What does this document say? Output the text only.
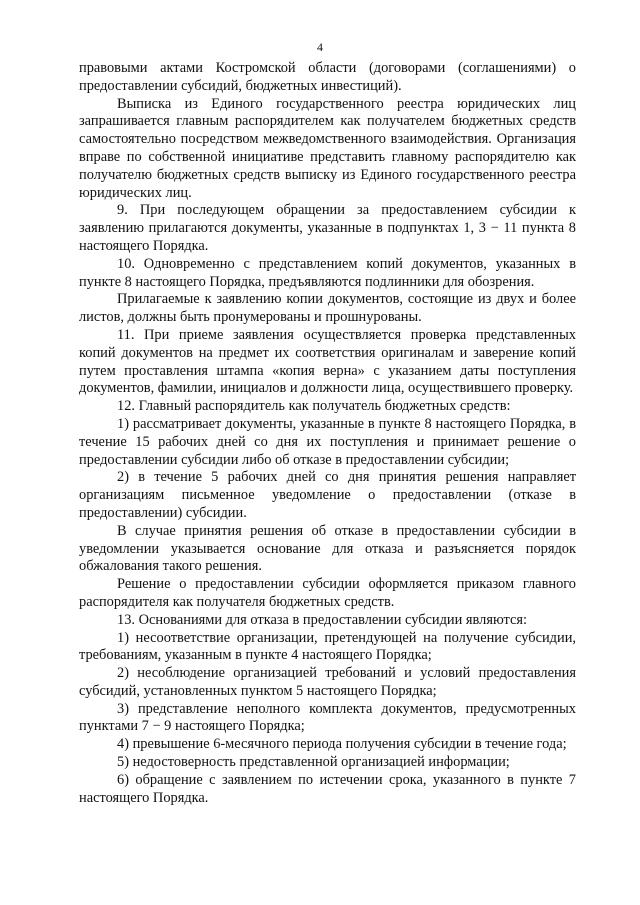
4

правовыми актами Костромской области (договорами (соглашениями) о предоставлении субсидий, бюджетных инвестиций).

Выписка из Единого государственного реестра юридических лиц запрашивается главным распорядителем как получателем бюджетных средств самостоятельно посредством межведомственного взаимодействия. Организация вправе по собственной инициативе представить главному распорядителю как получателю бюджетных средств выписку из Единого государственного реестра юридических лиц.

9. При последующем обращении за предоставлением субсидии к заявлению прилагаются документы, указанные в подпунктах 1, 3 − 11 пункта 8 настоящего Порядка.

10. Одновременно с представлением копий документов, указанных в пункте 8 настоящего Порядка, предъявляются подлинники для обозрения.

Прилагаемые к заявлению копии документов, состоящие из двух и более листов, должны быть пронумерованы и прошнурованы.

11. При приеме заявления осуществляется проверка представленных копий документов на предмет их соответствия оригиналам и заверение копий путем проставления штампа «копия верна» с указанием даты поступления документов, фамилии, инициалов и должности лица, осуществившего проверку.

12. Главный распорядитель как получатель бюджетных средств:

1) рассматривает документы, указанные в пункте 8 настоящего Порядка, в течение 15 рабочих дней со дня их поступления и принимает решение о предоставлении субсидии либо об отказе в предоставлении субсидии;

2) в течение 5 рабочих дней со дня принятия решения направляет организациям письменное уведомление о предоставлении (отказе в предоставлении) субсидии.

В случае принятия решения об отказе в предоставлении субсидии в уведомлении указывается основание для отказа и разъясняется порядок обжалования такого решения.

Решение о предоставлении субсидии оформляется приказом главного распорядителя как получателя бюджетных средств.

13. Основаниями для отказа в предоставлении субсидии являются:

1) несоответствие организации, претендующей на получение субсидии, требованиям, указанным в пункте 4 настоящего Порядка;

2) несоблюдение организацией требований и условий предоставления субсидий, установленных пунктом 5 настоящего Порядка;

3) представление неполного комплекта документов, предусмотренных пунктами 7 − 9 настоящего Порядка;

4) превышение 6-месячного периода получения субсидии в течение года;

5) недостоверность представленной организацией информации;

6) обращение с заявлением по истечении срока, указанного в пункте 7 настоящего Порядка.
